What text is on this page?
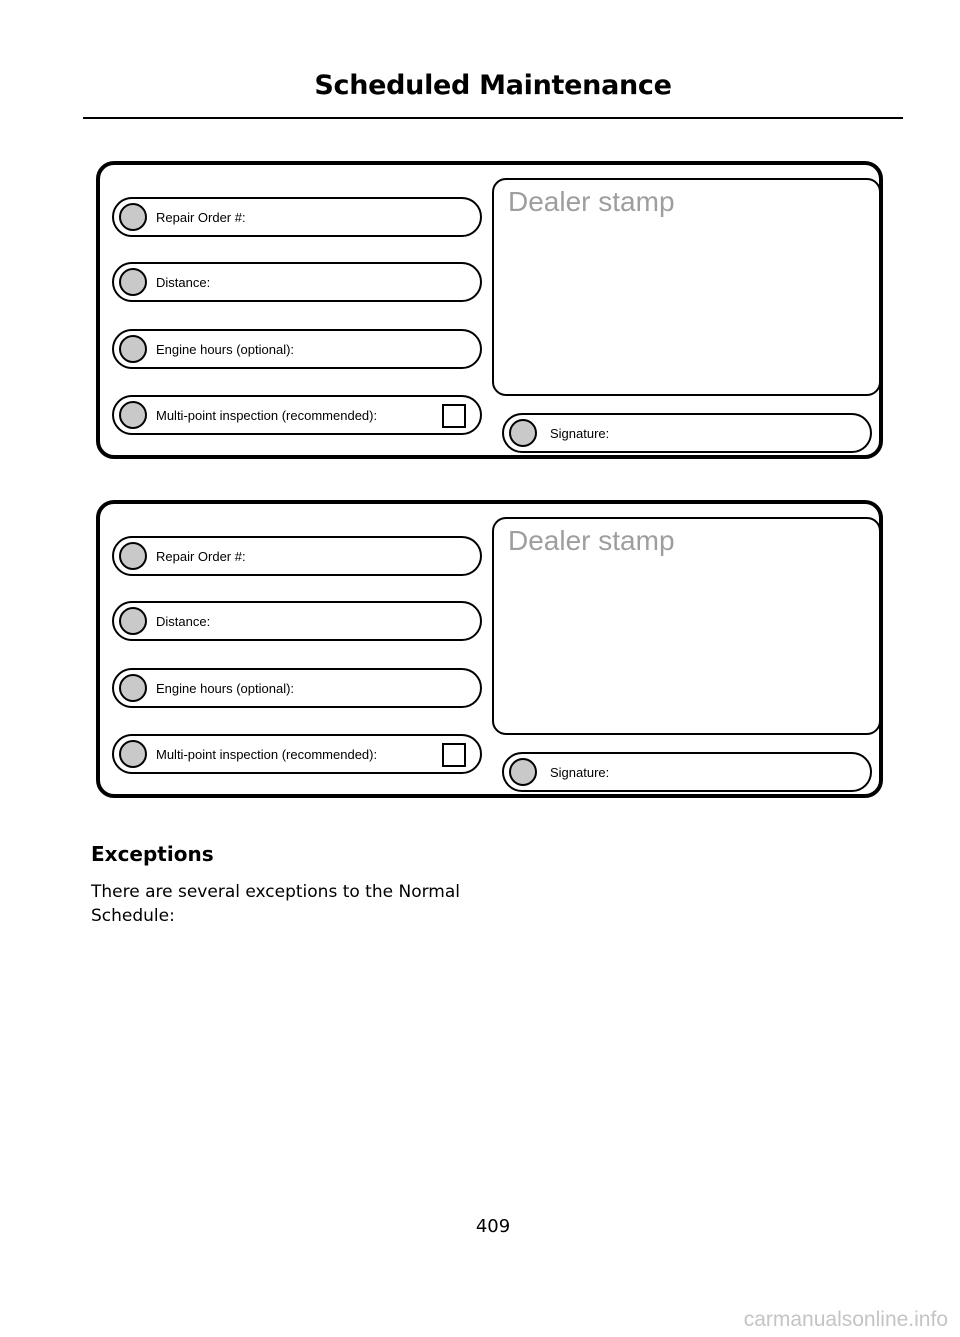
Scheduled Maintenance
Repair Order #:
Distance:
Engine hours (optional):
Multi-point inspection (recommended):
Dealer stamp
Signature:
Repair Order #:
Distance:
Engine hours (optional):
Multi-point inspection (recommended):
Dealer stamp
Signature:
Exceptions
There are several exceptions to the Normal Schedule:
409
carmanualsonline.info
